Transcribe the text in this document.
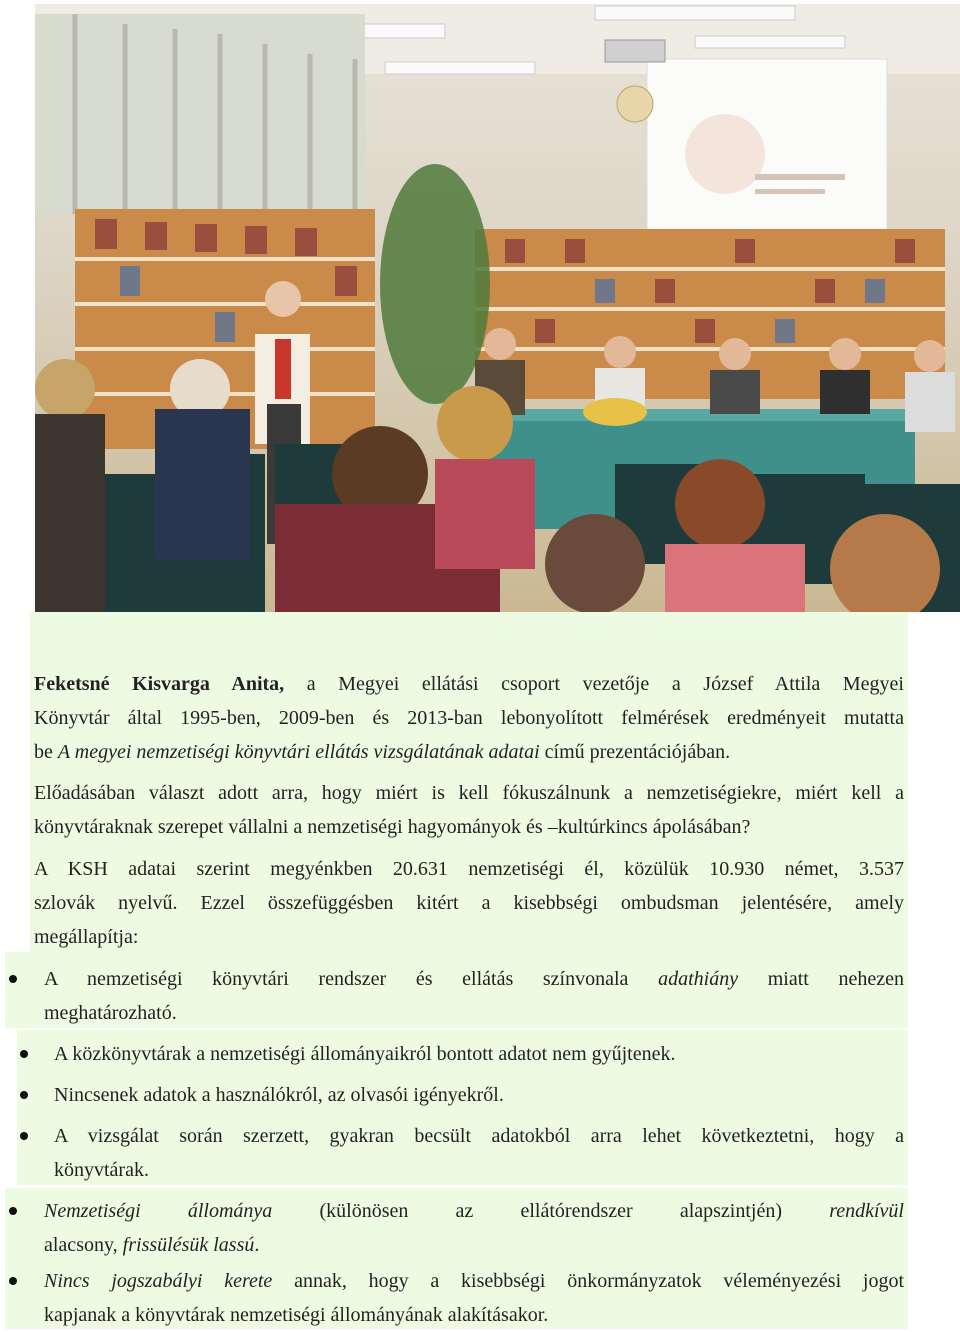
Feketsné Kisvarga Anita, a Megyei ellátási csoport vezetője a József Attila Megyei
Könyvtár által 1995-ben, 2009-ben és 2013-ban lebonyolított felmérések eredményeit mutatta
be A megyei nemzetiségi könyvtári ellátás vizsgálatának adatai című prezentációjában.
Előadásában választ adott arra, hogy miért is kell fókuszálnunk a nemzetiségiekre, miért kell a
könyvtáraknak szerepet vállalni a nemzetiségi hagyományok és –kultúrkincs ápolásában?
A KSH adatai szerint megyénkben 20.631 nemzetiségi él, közülük 10.930 német, 3.537
szlovák nyelvű. Ezzel összefüggésben kitért a kisebbségi ombudsman jelentésére, amely
megállapítja:
A nemzetiségi könyvtári rendszer és ellátás színvonala adathiány miatt nehezen
meghatározható.
A közkönyvtárak a nemzetiségi állományaikról bontott adatot nem gyűjtenek.
Nincsenek adatok a használókról, az olvasói igényekről.
A vizsgálat során szerzett, gyakran becsült adatokból arra lehet következtetni, hogy a
könyvtárak.
Nemzetiségi állománya (különösen az ellátórendszer alapszintjén) rendkívül
alacsony, frissülésük lassú.
Nincs jogszabályi kerete annak, hogy a kisebbségi önkormányzatok véleményezési jogot
kapjanak a könyvtárak nemzetiségi állományának alakításakor.
